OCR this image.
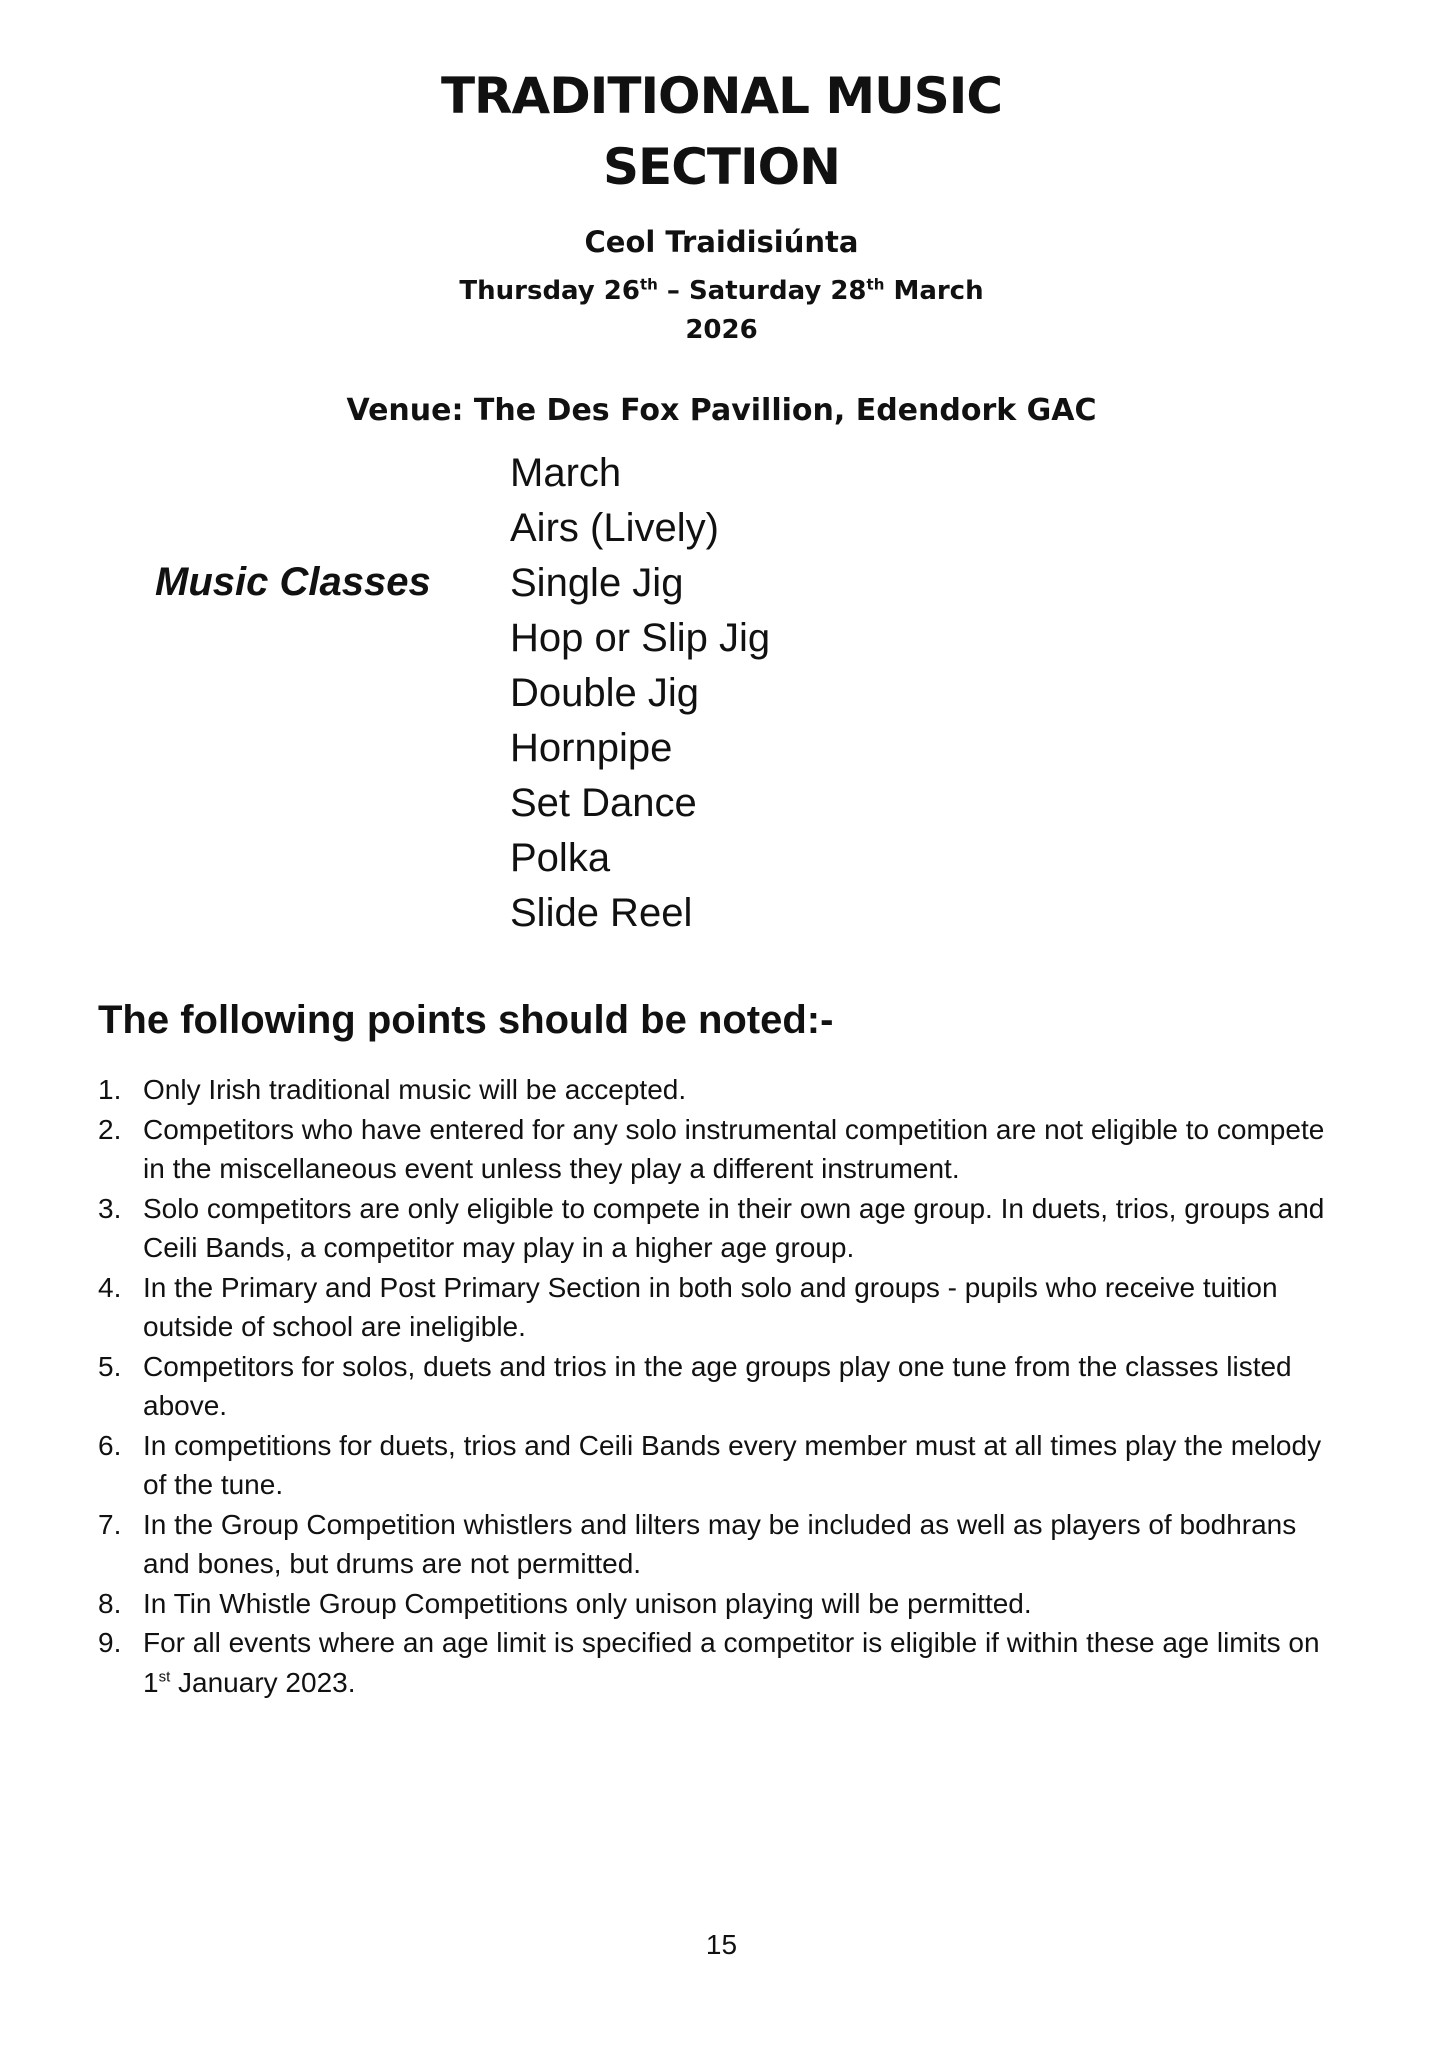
TRADITIONAL MUSIC
SECTION
Ceol Traidisiúnta
Thursday 26th – Saturday 28th March
2026
Venue: The Des Fox Pavillion, Edendork GAC
Music Classes
March
Airs (Lively)
Single Jig
Hop or Slip Jig
Double Jig
Hornpipe
Set Dance
Polka
Slide Reel
The following points should be noted:-
1. Only Irish traditional music will be accepted.
2. Competitors who have entered for any solo instrumental competition are not eligible to compete in the miscellaneous event unless they play a different instrument.
3. Solo competitors are only eligible to compete in their own age group. In duets, trios, groups and Ceili Bands, a competitor may play in a higher age group.
4. In the Primary and Post Primary Section in both solo and groups - pupils who receive tuition outside of school are ineligible.
5. Competitors for solos, duets and trios in the age groups play one tune from the classes listed above.
6. In competitions for duets, trios and Ceili Bands every member must at all times play the melody of the tune.
7. In the Group Competition whistlers and lilters may be included as well as players of bodhrans and bones, but drums are not permitted.
8. In Tin Whistle Group Competitions only unison playing will be permitted.
9. For all events where an age limit is specified a competitor is eligible if within these age limits on 1st January 2023.
15
